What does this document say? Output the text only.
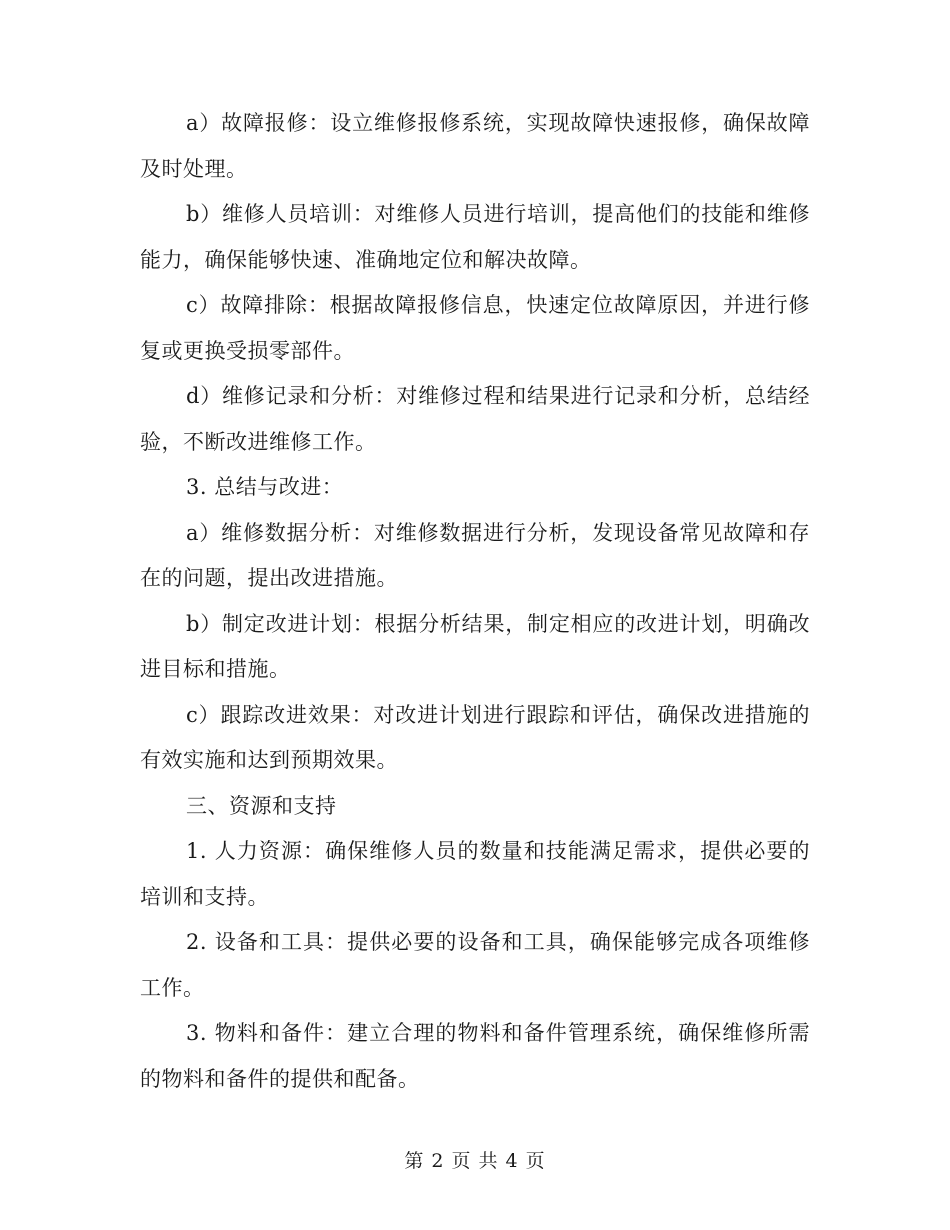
a）故障报修：设立维修报修系统，实现故障快速报修，确保故障及时处理。

b）维修人员培训：对维修人员进行培训，提高他们的技能和维修能力，确保能够快速、准确地定位和解决故障。

c）故障排除：根据故障报修信息，快速定位故障原因，并进行修复或更换受损零部件。

d）维修记录和分析：对维修过程和结果进行记录和分析，总结经验，不断改进维修工作。

3. 总结与改进：

a）维修数据分析：对维修数据进行分析，发现设备常见故障和存在的问题，提出改进措施。

b）制定改进计划：根据分析结果，制定相应的改进计划，明确改进目标和措施。

c）跟踪改进效果：对改进计划进行跟踪和评估，确保改进措施的有效实施和达到预期效果。

三、资源和支持

1. 人力资源：确保维修人员的数量和技能满足需求，提供必要的培训和支持。

2. 设备和工具：提供必要的设备和工具，确保能够完成各项维修工作。

3. 物料和备件：建立合理的物料和备件管理系统，确保维修所需的物料和备件的提供和配备。

第 2 页 共 4 页
